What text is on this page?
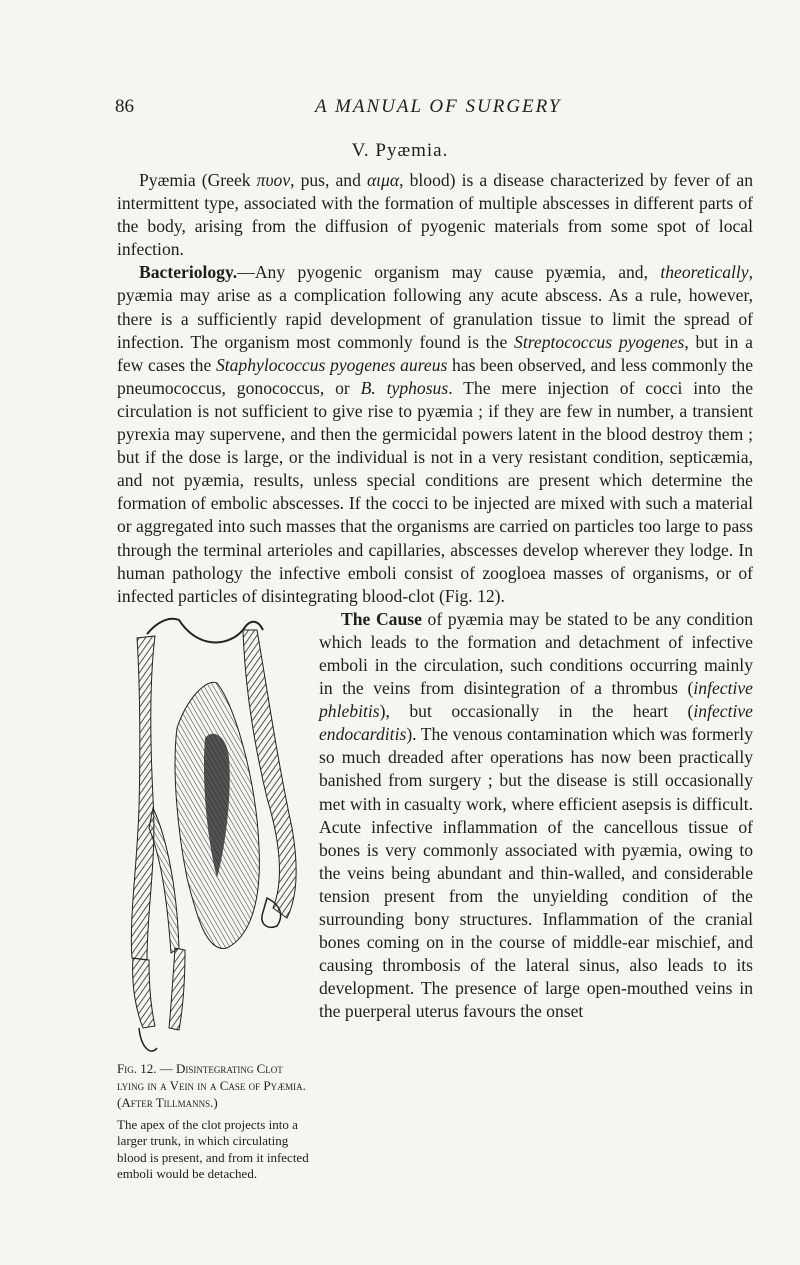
86	A MANUAL OF SURGERY
V. Pyæmia.

Pyæmia (Greek πυον, pus, and αιμα, blood) is a disease characterized by fever of an intermittent type, associated with the formation of multiple abscesses in different parts of the body, arising from the diffusion of pyogenic materials from some spot of local infection.

Bacteriology.—Any pyogenic organism may cause pyæmia, and, theoretically, pyæmia may arise as a complication following any acute abscess. As a rule, however, there is a sufficiently rapid development of granulation tissue to limit the spread of infection. The organism most commonly found is the Streptococcus pyogenes, but in a few cases the Staphylococcus pyogenes aureus has been observed, and less commonly the pneumococcus, gonococcus, or B. typhosus. The mere injection of cocci into the circulation is not sufficient to give rise to pyæmia ; if they are few in number, a transient pyrexia may supervene, and then the germicidal powers latent in the blood destroy them ; but if the dose is large, or the individual is not in a very resistant condition, septicæmia, and not pyæmia, results, unless special conditions are present which determine the formation of embolic abscesses. If the cocci to be injected are mixed with such a material or aggregated into such masses that the organisms are carried on particles too large to pass through the terminal arterioles and capillaries, abscesses develop wherever they lodge. In human pathology the infective emboli consist of zoogloea masses of organisms, or of infected particles of disintegrating blood-clot (Fig. 12).

Fig. 12. — Disintegrating Clot lying in a Vein in a Case of Pyæmia. (After Tillmanns.)
The apex of the clot projects into a larger trunk, in which circulating blood is present, and from it infected emboli would be detached.
The Cause of pyæmia may be stated to be any condition which leads to the formation and detachment of infective emboli in the circulation, such conditions occurring mainly in the veins from disintegration of a thrombus (infective phlebitis), but occasionally in the heart (infective endocarditis). The venous contamination which was formerly so much dreaded after operations has now been practically banished from surgery ; but the disease is still occasionally met with in casualty work, where efficient asepsis is difficult. Acute infective inflammation of the cancellous tissue of bones is very commonly associated with pyæmia, owing to the veins being abundant and thin-walled, and considerable tension present from the unyielding condition of the surrounding bony structures. Inflammation of the cranial bones coming on in the course of middle-ear mischief, and causing thrombosis of the lateral sinus, also leads to its development. The presence of large open-mouthed veins in the puerperal uterus favours the onset
